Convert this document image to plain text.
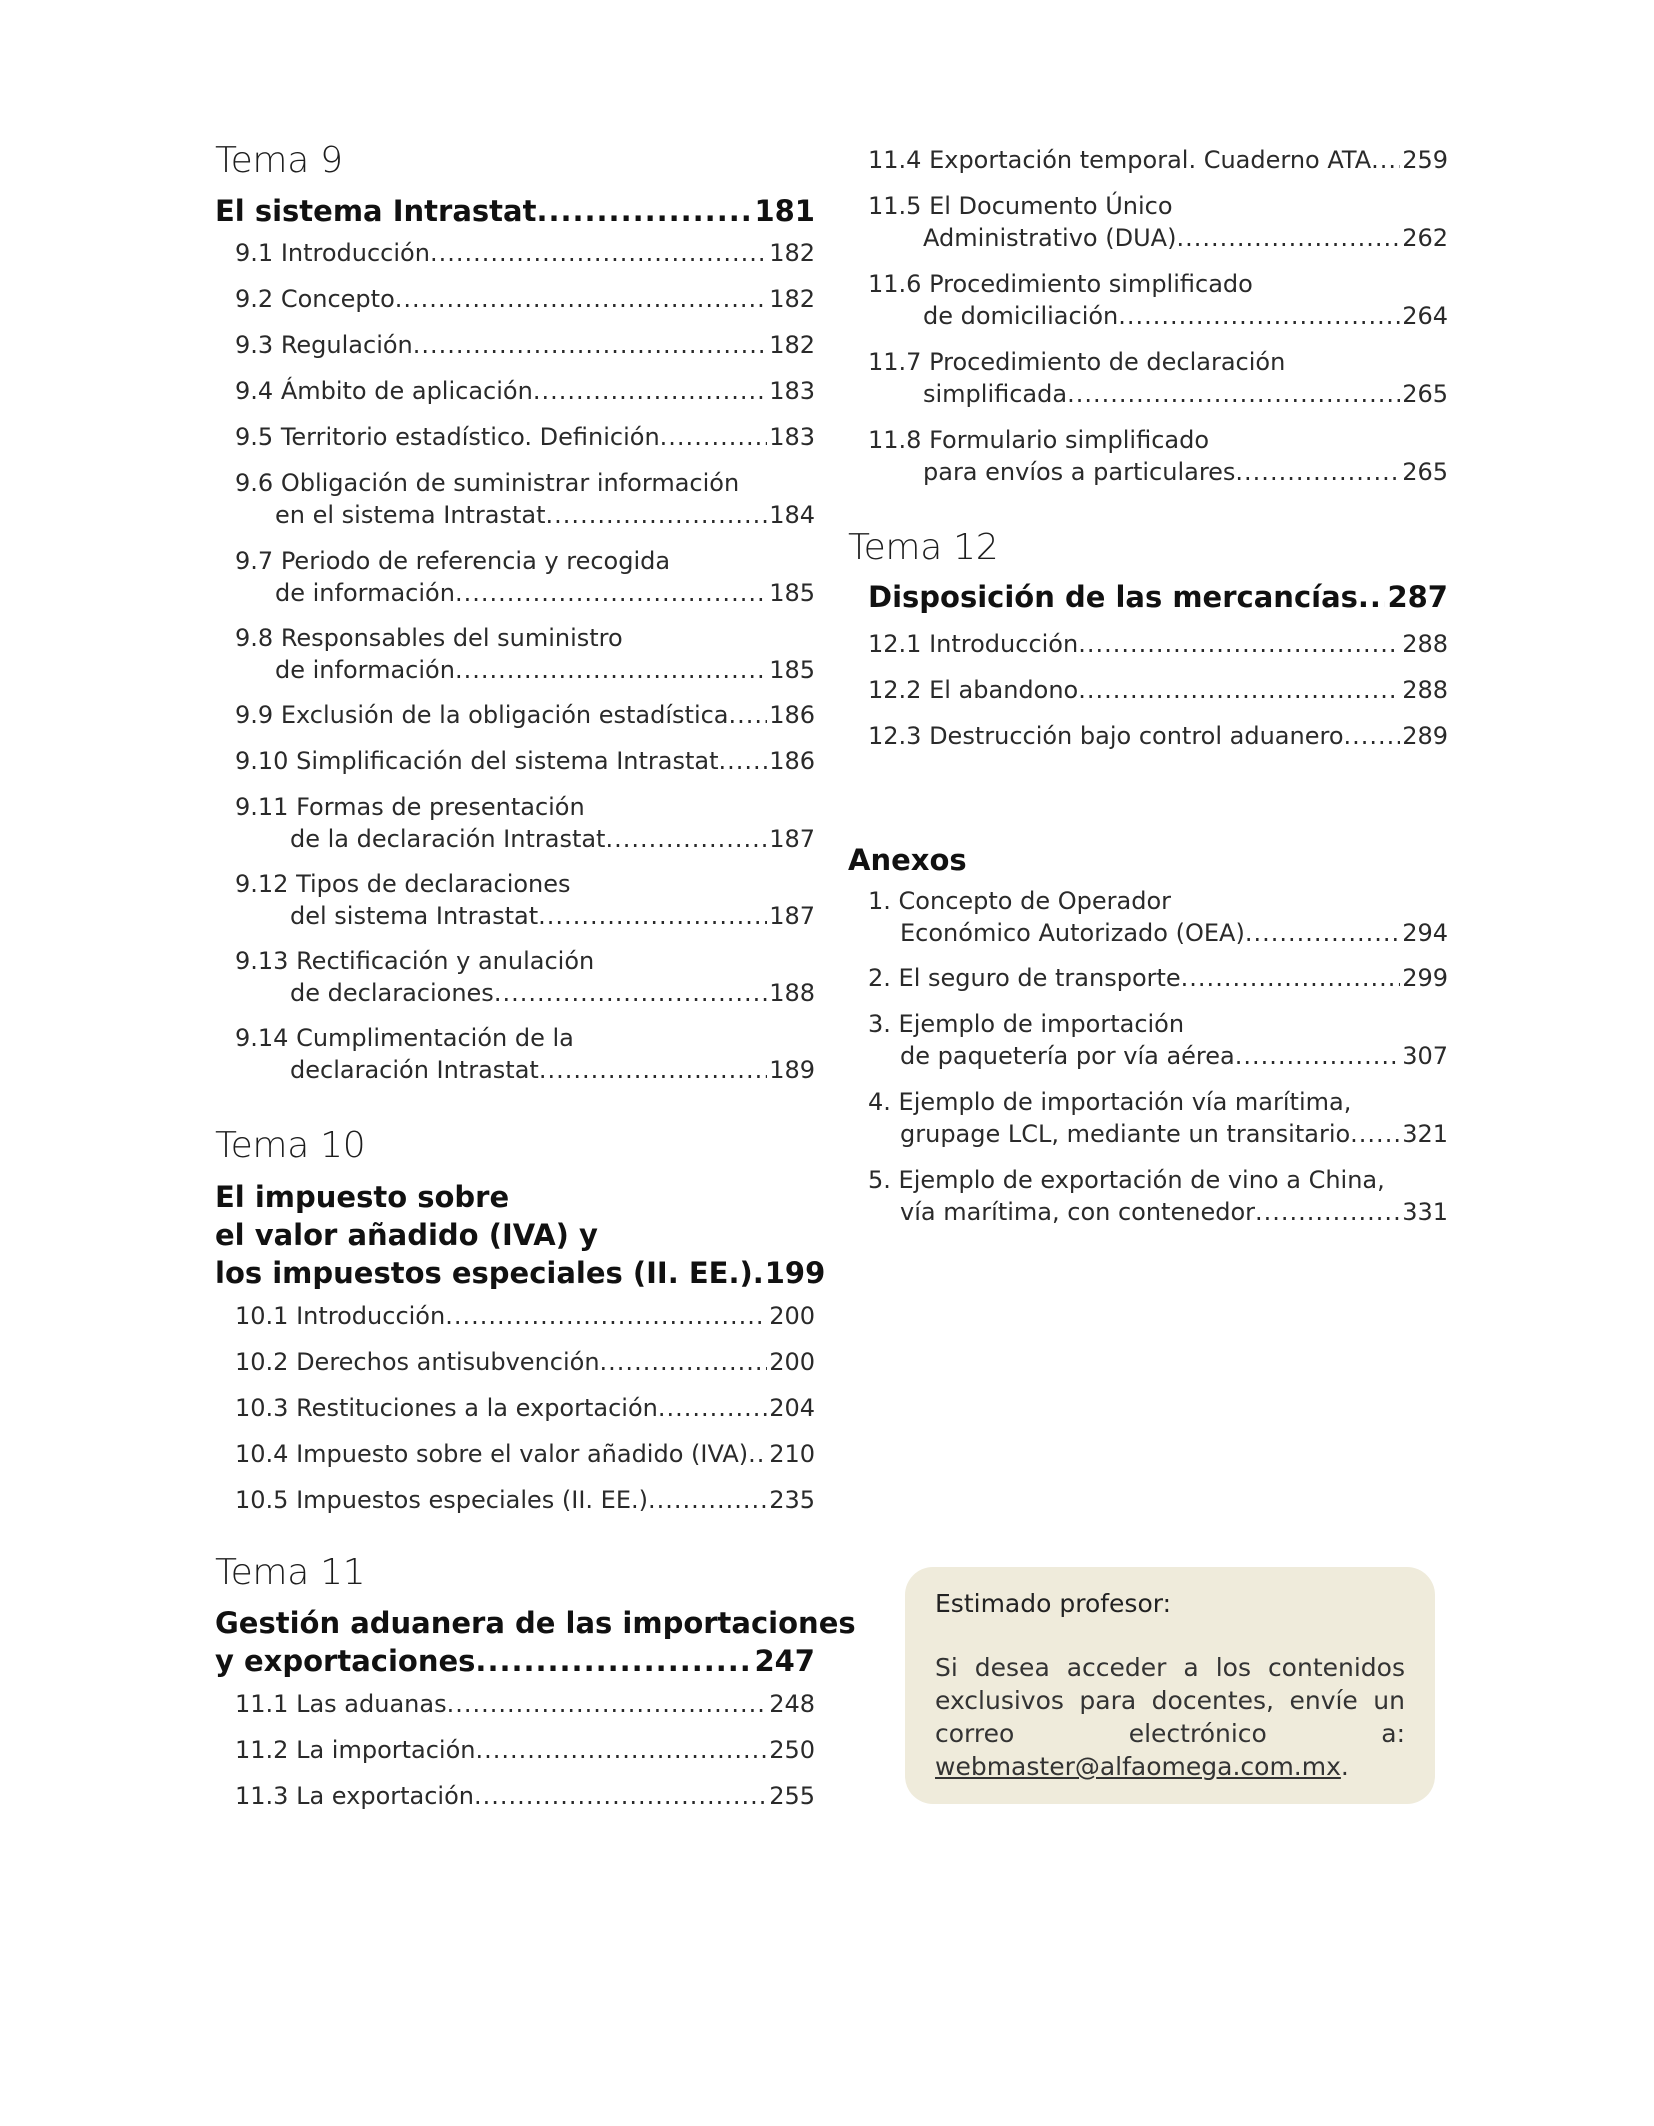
Tema 9
El sistema Intrastat .....	181
9.1 Introducción .....	182
9.2 Concepto .....	182
9.3 Regulación .....	182
9.4 Ámbito de aplicación .....	183
9.5 Territorio estadístico. Definición .....	183
9.6 Obligación de suministrar información
en el sistema Intrastat .....	184
9.7 Periodo de referencia y recogida
de información .....	185
9.8 Responsables del suministro
de información .....	185
9.9 Exclusión de la obligación estadística ..... 186
9.10 Simplificación del sistema Intrastat ..... 186
9.11 Formas de presentación
de la declaración Intrastat .....	187
9.12 Tipos de declaraciones
del sistema Intrastat .....	187
9.13 Rectificación y anulación
de declaraciones .....	188
9.14 Cumplimentación de la
declaración Intrastat .....	189
Tema 10
El impuesto sobre
el valor añadido (IVA) y
los impuestos especiales (II. EE.) ..... 199
10.1 Introducción .....	200
10.2 Derechos antisubvención .....	200
10.3 Restituciones a la exportación .....	204
10.4 Impuesto sobre el valor añadido (IVA) ..... 210
10.5 Impuestos especiales (II. EE.) .....	235
Tema 11
Gestión aduanera de las importaciones
y exportaciones .....	247
11.1 Las aduanas .....	248
11.2 La importación .....	250
11.3 La exportación .....	255
11.4 Exportación temporal. Cuaderno ATA ..... 259
11.5 El Documento Único
Administrativo (DUA) .....	262
11.6 Procedimiento simplificado
de domiciliación .....	264
11.7 Procedimiento de declaración
simplificada .....	265
11.8 Formulario simplificado
para envíos a particulares .....	265
Tema 12
Disposición de las mercancías ..... 287
12.1 Introducción .....	288
12.2 El abandono .....	288
12.3 Destrucción bajo control aduanero ..... 289
Anexos
1. Concepto de Operador
Económico Autorizado (OEA) .....	294
2. El seguro de transporte .....	299
3. Ejemplo de importación
de paquetería por vía aérea .....	307
4. Ejemplo de importación vía marítima,
grupage LCL, mediante un transitario ..... 321
5. Ejemplo de exportación de vino a China,
vía marítima, con contenedor .....	331
Estimado profesor:
Si desea acceder a los contenidos exclusivos para docentes, envíe un correo electrónico a: webmaster@alfaomega.com.mx.
